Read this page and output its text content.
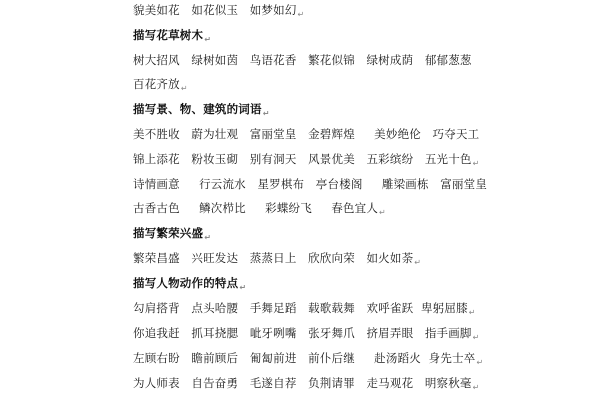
貌美如花   如花似玉   如梦如幻↵
描写花草树木↵
树大招风   绿树如茵   鸟语花香   繁花似锦   绿树成荫   郁郁葱葱
百花齐放↵
描写景、物、建筑的词语↵
美不胜收   蔚为壮观   富丽堂皇   金碧辉煌     美妙绝伦   巧夺天工
锦上添花   粉妆玉砌   别有洞天   风景优美   五彩缤纷   五光十色↵
诗情画意     行云流水   星罗棋布   亭台楼阁     雕梁画栋   富丽堂皇
古香古色     鳞次栉比     彩蝶纷飞     春色宜人↵
描写繁荣兴盛↵
繁荣昌盛   兴旺发达   蒸蒸日上   欣欣向荣   如火如荼↵
描写人物动作的特点↵
勾肩搭背   点头哈腰   手舞足蹈   载歌载舞   欢呼雀跃  卑躬屈膝↵
你追我赶   抓耳挠腮   呲牙咧嘴   张牙舞爪   挤眉弄眼   指手画脚↵
左顾右盼   瞻前顾后   匍匐前进   前仆后继     赴汤蹈火  身先士卒↵
为人师表   自告奋勇   毛遂自荐   负荆请罪   走马观花   明察秋毫↵
